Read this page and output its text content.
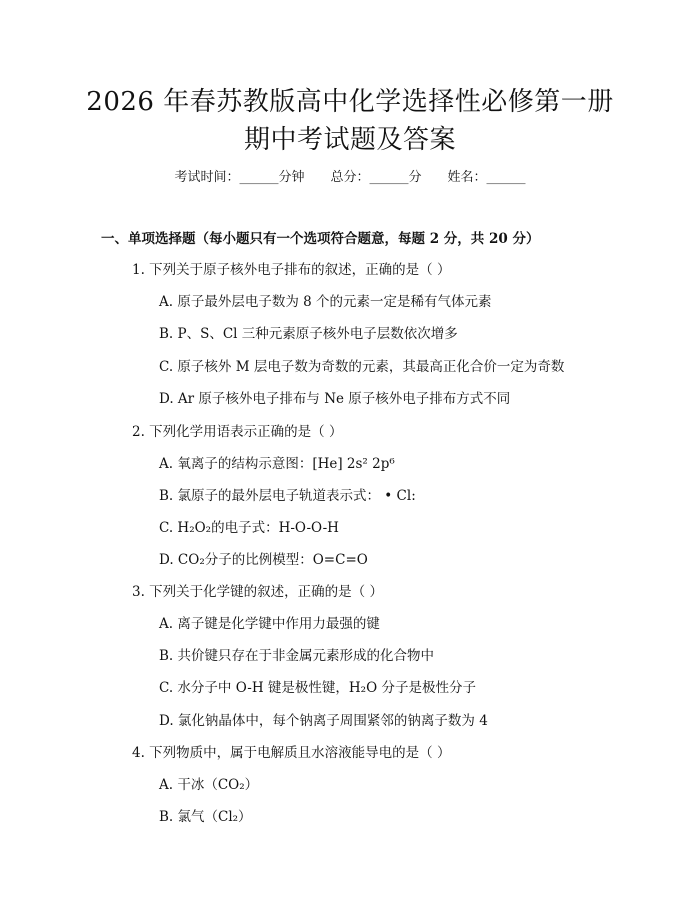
2026 年春苏教版高中化学选择性必修第一册
期中考试题及答案
考试时间：______分钟 总分：______分 姓名：______
一、单项选择题（每小题只有一个选项符合题意，每题 2 分，共 20 分）
1. 下列关于原子核外电子排布的叙述，正确的是（ ）
A. 原子最外层电子数为 8 个的元素一定是稀有气体元素
B. P、S、Cl 三种元素原子核外电子层数依次增多
C. 原子核外 M 层电子数为奇数的元素，其最高正化合价一定为奇数
D. Ar 原子核外电子排布与 Ne 原子核外电子排布方式不同
2. 下列化学用语表示正确的是（ ）
A. 氧离子的结构示意图：[He] 2s² 2p⁶
B. 氯原子的最外层电子轨道表示式： • Cl:
C. H₂O₂的电子式：H-O-O-H
D. CO₂分子的比例模型：O=C=O
3. 下列关于化学键的叙述，正确的是（ ）
A. 离子键是化学键中作用力最强的键
B. 共价键只存在于非金属元素形成的化合物中
C. 水分子中 O-H 键是极性键，H₂O 分子是极性分子
D. 氯化钠晶体中，每个钠离子周围紧邻的钠离子数为 4
4. 下列物质中，属于电解质且水溶液能导电的是（ ）
A. 干冰（CO₂）
B. 氯气（Cl₂）
